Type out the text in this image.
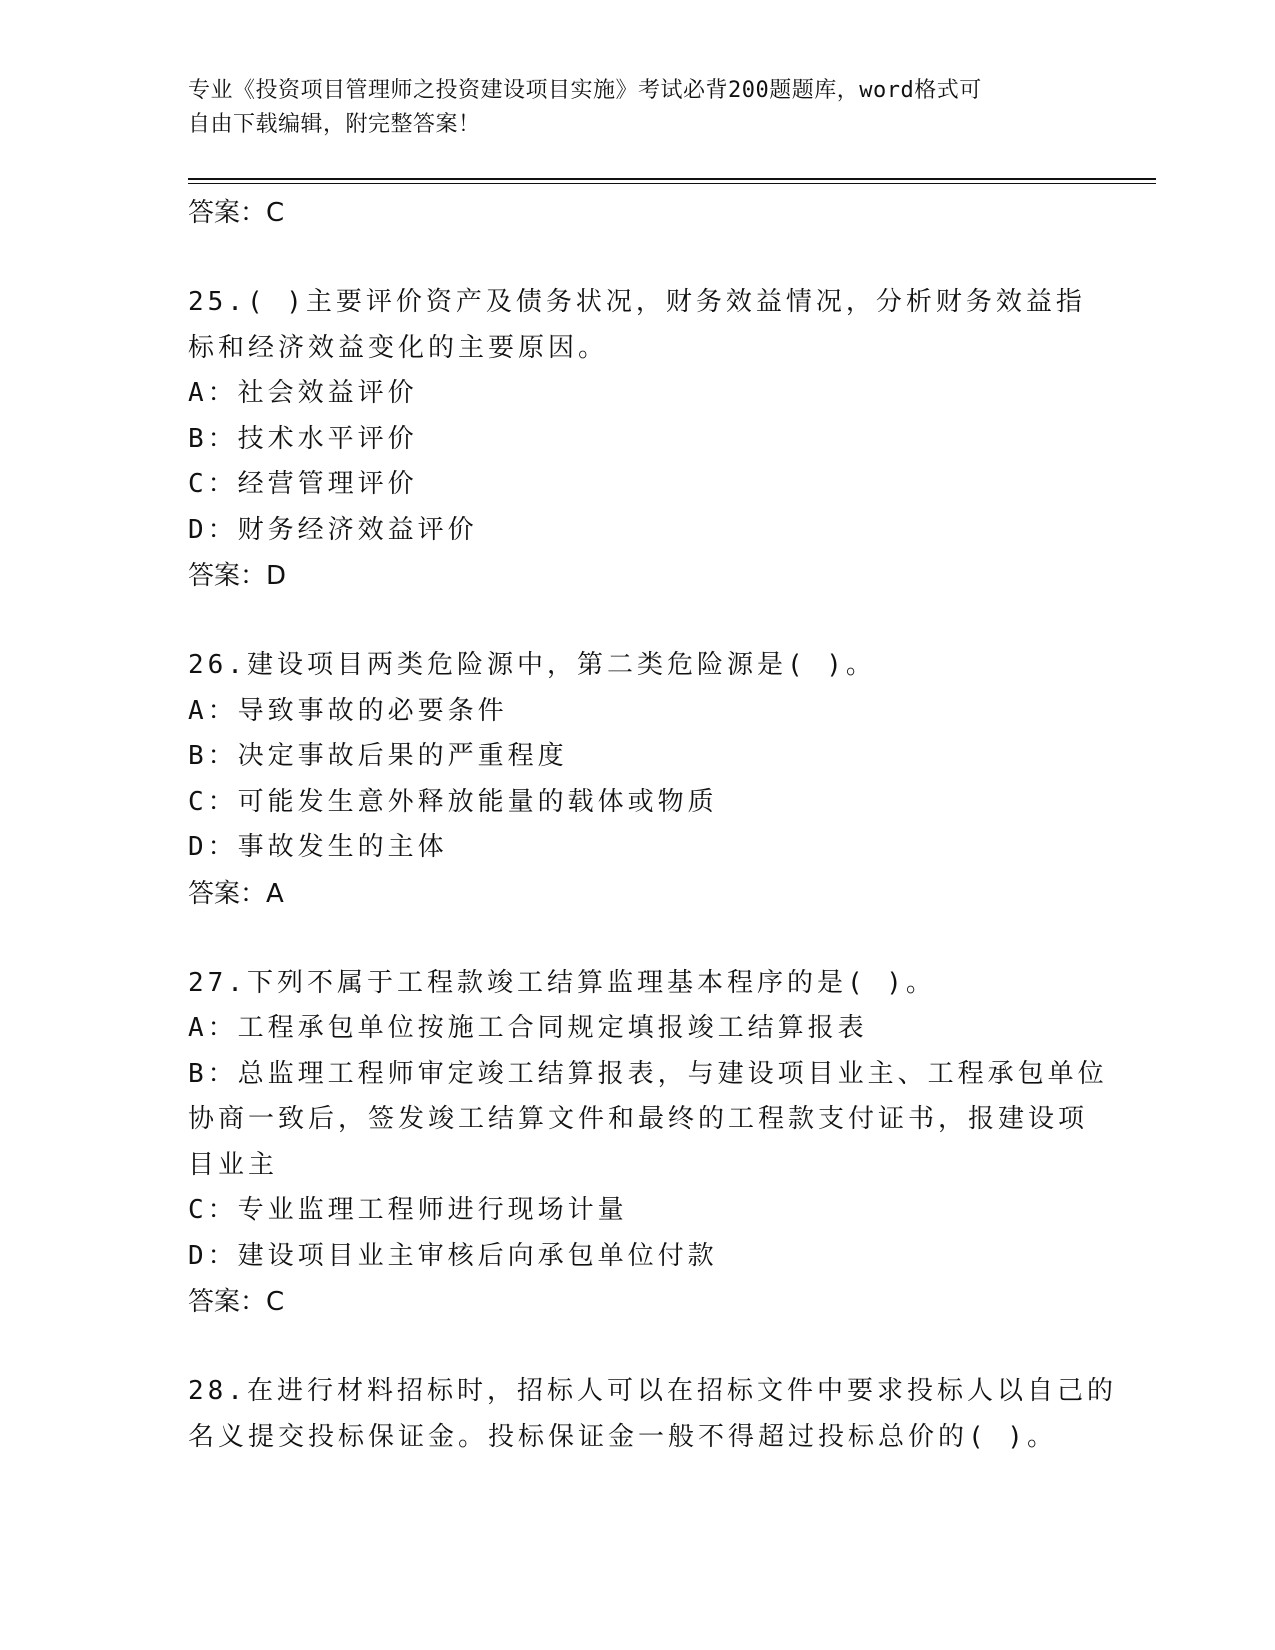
专业《投资项目管理师之投资建设项目实施》考试必背200题题库，word格式可
自由下载编辑，附完整答案！
答案：C
25.( )主要评价资产及债务状况，财务效益情况，分析财务效益指
标和经济效益变化的主要原因。
A：社会效益评价
B：技术水平评价
C：经营管理评价
D：财务经济效益评价
答案：D
26.建设项目两类危险源中，第二类危险源是( )。
A：导致事故的必要条件
B：决定事故后果的严重程度
C：可能发生意外释放能量的载体或物质
D：事故发生的主体
答案：A
27.下列不属于工程款竣工结算监理基本程序的是( )。
A：工程承包单位按施工合同规定填报竣工结算报表
B：总监理工程师审定竣工结算报表，与建设项目业主、工程承包单位
协商一致后，签发竣工结算文件和最终的工程款支付证书，报建设项
目业主
C：专业监理工程师进行现场计量
D：建设项目业主审核后向承包单位付款
答案：C
28.在进行材料招标时，招标人可以在招标文件中要求投标人以自己的
名义提交投标保证金。投标保证金一般不得超过投标总价的( )。
